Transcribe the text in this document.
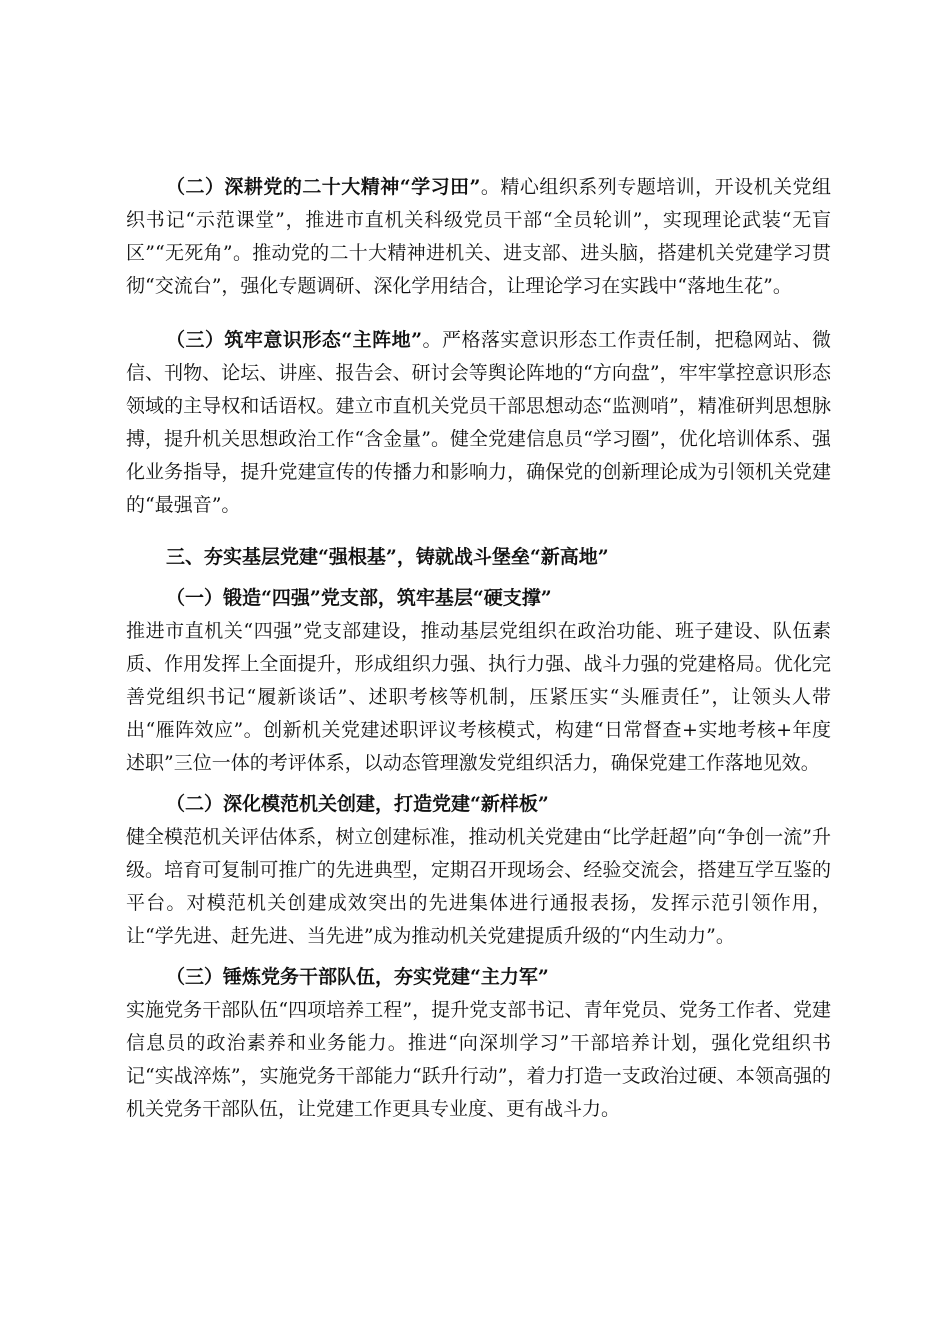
（二）深耕党的二十大精神“学习田”。精心组织系列专题培训，开设机关党组织书记“示范课堂”，推进市直机关科级党员干部“全员轮训”，实现理论武装“无盲区”“无死角”。推动党的二十大精神进机关、进支部、进头脑，搭建机关党建学习贯彻“交流台”，强化专题调研、深化学用结合，让理论学习在实践中“落地生花”。

（三）筑牢意识形态“主阵地”。严格落实意识形态工作责任制，把稳网站、微信、刊物、论坛、讲座、报告会、研讨会等舆论阵地的“方向盘”，牢牢掌控意识形态领域的主导权和话语权。建立市直机关党员干部思想动态“监测哨”，精准研判思想脉搏，提升机关思想政治工作“含金量”。健全党建信息员“学习圈”，优化培训体系、强化业务指导，提升党建宣传的传播力和影响力，确保党的创新理论成为引领机关党建的“最强音”。

三、夯实基层党建“强根基”，铸就战斗堡垒“新高地”

（一）锻造“四强”党支部，筑牢基层“硬支撑”

推进市直机关“四强”党支部建设，推动基层党组织在政治功能、班子建设、队伍素质、作用发挥上全面提升，形成组织力强、执行力强、战斗力强的党建格局。优化完善党组织书记“履新谈话”、述职考核等机制，压紧压实“头雁责任”，让领头人带出“雁阵效应”。创新机关党建述职评议考核模式，构建“日常督查+实地考核+年度述职”三位一体的考评体系，以动态管理激发党组织活力，确保党建工作落地见效。

（二）深化模范机关创建，打造党建“新样板”

健全模范机关评估体系，树立创建标准，推动机关党建由“比学赶超”向“争创一流”升级。培育可复制可推广的先进典型，定期召开现场会、经验交流会，搭建互学互鉴的平台。对模范机关创建成效突出的先进集体进行通报表扬，发挥示范引领作用，让“学先进、赶先进、当先进”成为推动机关党建提质升级的“内生动力”。

（三）锤炼党务干部队伍，夯实党建“主力军”

实施党务干部队伍“四项培养工程”，提升党支部书记、青年党员、党务工作者、党建信息员的政治素养和业务能力。推进“向深圳学习”干部培养计划，强化党组织书记“实战淬炼”，实施党务干部能力“跃升行动”，着力打造一支政治过硬、本领高强的机关党务干部队伍，让党建工作更具专业度、更有战斗力。
